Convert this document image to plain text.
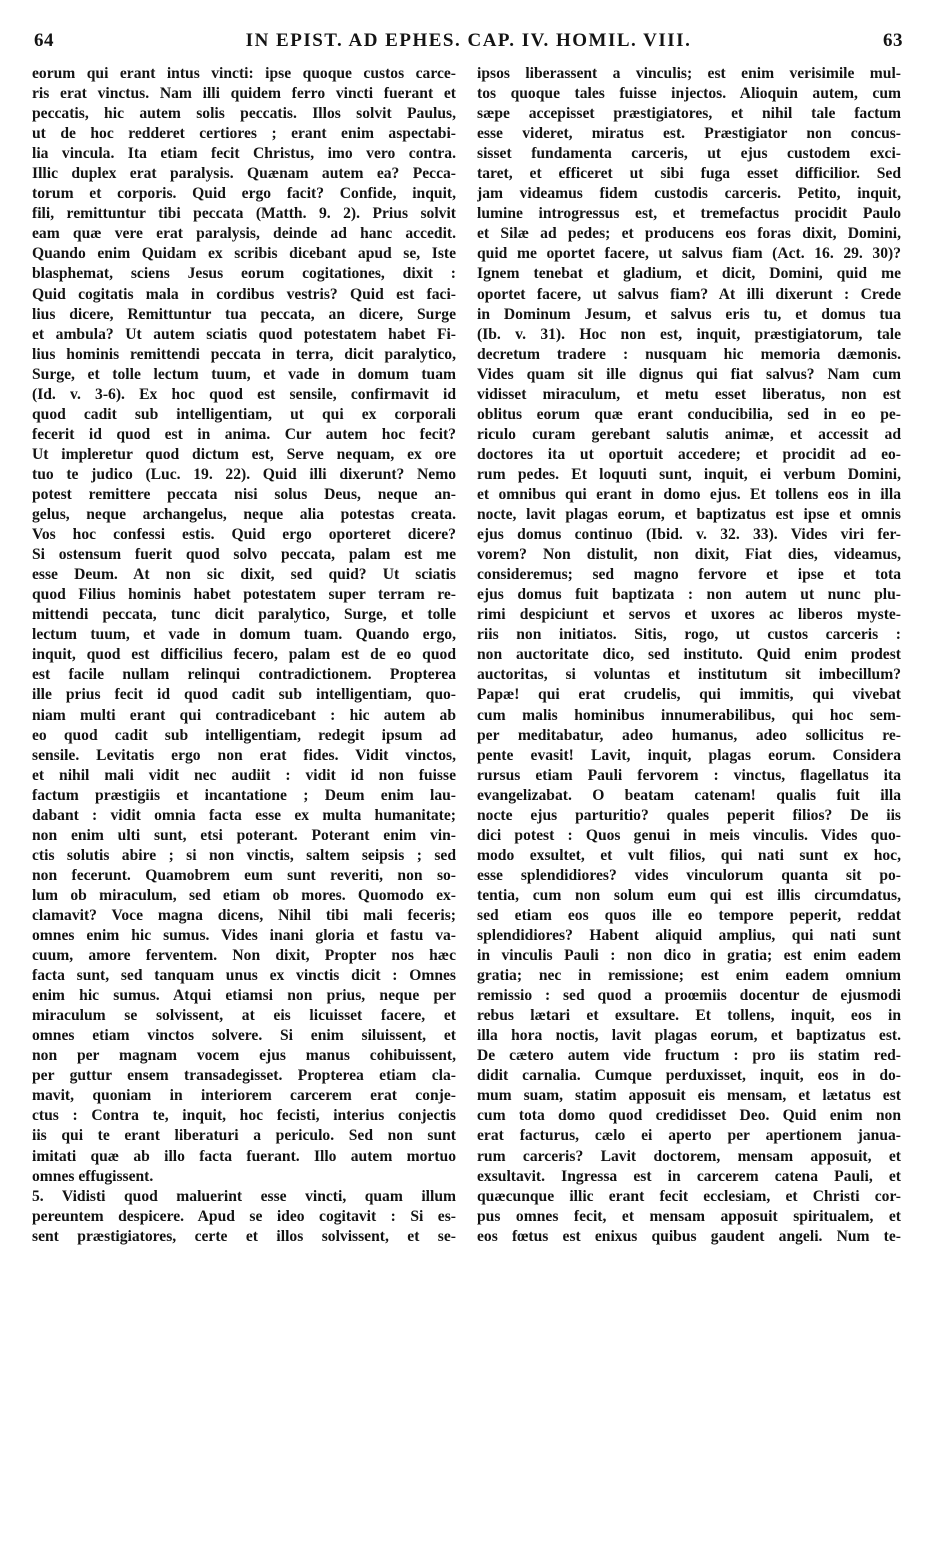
64	IN EPIST. AD EPHES. CAP. IV. HOMIL. VIII.	63
eorum qui erant intus vincti: ipse quoque custos carce-
ris erat vinctus. Nam illi quidem ferro vincti fuerant et
peccatis, hic autem solis peccatis. Illos solvit Paulus,
ut de hoc redderet certiores ; erant enim aspectabi-
lia vincula. Ita etiam fecit Christus, imo vero contra.
Illic duplex erat paralysis. Quænam autem ea? Pecca-
torum et corporis. Quid ergo facit? Confide, inquit,
fili, remittuntur tibi peccata (Matth. 9. 2). Prius solvit
eam quæ vere erat paralysis, deinde ad hanc accedit.
Quando enim Quidam ex scribis dicebant apud se, Iste
blasphemat, sciens Jesus eorum cogitationes, dixit :
Quid cogitatis mala in cordibus vestris? Quid est faci-
lius dicere, Remittuntur tua peccata, an dicere, Surge
et ambula? Ut autem sciatis quod potestatem habet Fi-
lius hominis remittendi peccata in terra, dicit paralytico,
Surge, et tolle lectum tuum, et vade in domum tuam
(Id. v. 3-6). Ex hoc quod est sensile, confirmavit id
quod cadit sub intelligentiam, ut qui ex corporali
fecerit id quod est in anima. Cur autem hoc fecit?
Ut impleretur quod dictum est, Serve nequam, ex ore
tuo te judico (Luc. 19. 22). Quid illi dixerunt? Nemo
potest remittere peccata nisi solus Deus, neque an-
gelus, neque archangelus, neque alia potestas creata.
Vos hoc confessi estis. Quid ergo oporteret dicere?
Si ostensum fuerit quod solvo peccata, palam est me
esse Deum. At non sic dixit, sed quid? Ut sciatis
quod Filius hominis habet potestatem super terram re-
mittendi peccata, tunc dicit paralytico, Surge, et tolle
lectum tuum, et vade in domum tuam. Quando ergo,
inquit, quod est difficilius fecero, palam est de eo quod
est facile nullam relinqui contradictionem. Propterea
ille prius fecit id quod cadit sub intelligentiam, quo-
niam multi erant qui contradicebant : hic autem ab
eo quod cadit sub intelligentiam, redegit ipsum ad
sensile. Levitatis ergo non erat fides. Vidit vinctos,
et nihil mali vidit nec audiit : vidit id non fuisse
factum præstigiis et incantatione ; Deum enim lau-
dabant : vidit omnia facta esse ex multa humanitate;
non enim ulti sunt, etsi poterant. Poterant enim vin-
ctis solutis abire ; si non vinctis, saltem seipsis ; sed
non fecerunt. Quamobrem eum sunt reveriti, non so-
lum ob miraculum, sed etiam ob mores. Quomodo ex-
clamavit? Voce magna dicens, Nihil tibi mali feceris;
omnes enim hic sumus. Vides inani gloria et fastu va-
cuum, amore ferventem. Non dixit, Propter nos hæc
facta sunt, sed tanquam unus ex vinctis dicit : Omnes
enim hic sumus. Atqui etiamsi non prius, neque per
miraculum se solvissent, at eis licuisset facere, et
omnes etiam vinctos solvere. Si enim siluissent, et
non per magnam vocem ejus manus cohibuissent,
per guttur ensem transadegisset. Propterea etiam cla-
mavit, quoniam in interiorem carcerem erat conje-
ctus : Contra te, inquit, hoc fecisti, interius conjectis
iis qui te erant liberaturi a periculo. Sed non sunt
imitati quæ ab illo facta fuerant. Illo autem mortuo
omnes effugissent.
5. Vidisti quod maluerint esse vincti, quam illum
pereuntem despicere. Apud se ideo cogitavit : Si es-
sent præstigiatores, certe et illos solvissent, et se-
ipsos liberassent a vinculis; est enim verisimile mul-
tos quoque tales fuisse injectos. Alioquin autem, cum
sæpe accepisset præstigiatores, et nihil tale factum
esse videret, miratus est. Præstigiator non concus-
sisset fundamenta carceris, ut ejus custodem exci-
taret, et efficeret ut sibi fuga esset difficilior. Sed
jam videamus fidem custodis carceris. Petito, inquit,
lumine introgressus est, et tremefactus procidit Paulo
et Silæ ad pedes; et producens eos foras dixit, Domini,
quid me oportet facere, ut salvus fiam (Act. 16. 29. 30)?
Ignem tenebat et gladium, et dicit, Domini, quid me
oportet facere, ut salvus fiam? At illi dixerunt : Crede
in Dominum Jesum, et salvus eris tu, et domus tua
(Ib. v. 31). Hoc non est, inquit, præstigiatorum, tale
decretum tradere : nusquam hic memoria dæmonis.
Vides quam sit ille dignus qui fiat salvus? Nam cum
vidisset miraculum, et metu esset liberatus, non est
oblitus eorum quæ erant conducibilia, sed in eo pe-
riculo curam gerebant salutis animæ, et accessit ad
doctores ita ut oportuit accedere; et procidit ad eo-
rum pedes. Et loquuti sunt, inquit, ei verbum Domini,
et omnibus qui erant in domo ejus. Et tollens eos in illa
nocte, lavit plagas eorum, et baptizatus est ipse et omnis
ejus domus continuo (Ibid. v. 32. 33). Vides viri fer-
vorem? Non distulit, non dixit, Fiat dies, videamus,
consideremus; sed magno fervore et ipse et tota
ejus domus fuit baptizata : non autem ut nunc plu-
rimi despiciunt et servos et uxores ac liberos myste-
riis non initiatos. Sitis, rogo, ut custos carceris :
non auctoritate dico, sed instituto. Quid enim prodest
auctoritas, si voluntas et institutum sit imbecillum?
Papæ! qui erat crudelis, qui immitis, qui vivebat
cum malis hominibus innumerabilibus, qui hoc sem-
per meditabatur, adeo humanus, adeo sollicitus re-
pente evasit! Lavit, inquit, plagas eorum. Considera
rursus etiam Pauli fervorem : vinctus, flagellatus ita
evangelizabat. O beatam catenam! qualis fuit illa
nocte ejus parturitio? quales peperit filios? De iis
dici potest : Quos genui in meis vinculis. Vides quo-
modo exsultet, et vult filios, qui nati sunt ex hoc,
esse splendidiores? vides vinculorum quanta sit po-
tentia, cum non solum eum qui est illis circumdatus,
sed etiam eos quos ille eo tempore peperit, reddat
splendidiores? Habent aliquid amplius, qui nati sunt
in vinculis Pauli : non dico in gratia; est enim eadem
gratia; nec in remissione; est enim eadem omnium
remissio : sed quod a proœmiis docentur de ejusmodi
rebus lætari et exsultare. Et tollens, inquit, eos in
illa hora noctis, lavit plagas eorum, et baptizatus est.
De cætero autem vide fructum : pro iis statim red-
didit carnalia. Cumque perduxisset, inquit, eos in do-
mum suam, statim apposuit eis mensam, et lætatus est
cum tota domo quod credidisset Deo. Quid enim non
erat facturus, cælo ei aperto per apertionem janua-
rum carceris? Lavit doctorem, mensam apposuit, et
exsultavit. Ingressa est in carcerem catena Pauli, et
quæcunque illic erant fecit ecclesiam, et Christi cor-
pus omnes fecit, et mensam apposuit spiritualem, et
eos fœtus est enixus quibus gaudent angeli. Num te-
